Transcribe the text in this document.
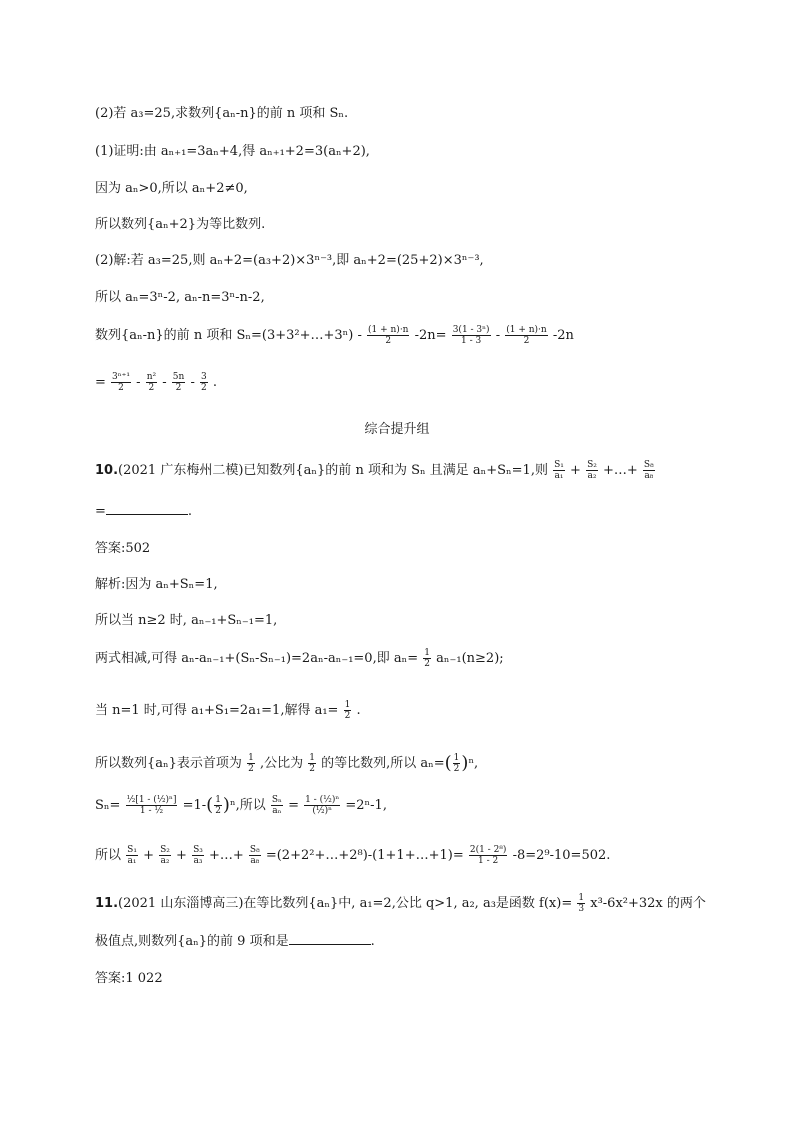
(2)若 a₃=25,求数列{aₙ-n}的前 n 项和 Sₙ.
(1)证明:由 aₙ₊₁=3aₙ+4,得 aₙ₊₁+2=3(aₙ+2),
因为 aₙ>0,所以 aₙ+2≠0,
所以数列{aₙ+2}为等比数列.
(2)解:若 a₃=25,则 aₙ+2=(a₃+2)×3ⁿ⁻³,即 aₙ+2=(25+2)×3ⁿ⁻³,
所以 aₙ=3ⁿ-2, aₙ-n=3ⁿ-n-2,
数列{aₙ-n}的前 n 项和 Sₙ=(3+3²+…+3ⁿ) - $\frac{(1 + n)\cdot n}{2} -2n= \frac{\text{3(1 - 3ⁿ)}}{1 - 3} - \frac{(1 + n)\cdot n}{2} -2n$
= $\frac{\text{3ⁿ⁺¹}}{2} - \frac{\text{n²}}{2} - \frac{5n}{2} - \frac{3}{2}$ .
综合提升组
10.(2021 广东梅州二模)已知数列{aₙ}的前 n 项和为 Sₙ 且满足 aₙ+Sₙ=1,则 $\frac{\text{S₁}}{\text{a₁}} + \frac{\text{S₂}}{\text{a₂}}$ +…+ $\frac{\text{S₈}}{\text{a₈}}$
=	.
答案:502
解析:因为 aₙ+Sₙ=1,
所以当 n≥2 时, aₙ₋₁+Sₙ₋₁=1,
两式相减,可得 aₙ-aₙ₋₁+(Sₙ-Sₙ₋₁)=2aₙ-aₙ₋₁=0,即 $a_n= \frac{1}{2} a_{n-1}(n\ge 2)$;
当 n=1 时,可得 a₁+S₁=2a₁=1,解得 $a_1= \frac{1}{2}$ .
所以数列{aₙ}表示首项为 $\frac{1}{2}$ ,公比为 $\frac{1}{2}$ 的等比数列,所以 $a_n=( \frac{1}{2} )^n$,
$S_n= \frac{\text{½[1 - (½)ⁿ]}}{\text{1 - ½}} =1-( \frac{1}{2} )^n$,所以 $\frac{\text{Sₙ}}{\text{aₙ}} = \frac{\text{1 - (½)ⁿ}}{\text{(½)ⁿ}} =2^n-1$,
所以 $\frac{\text{S₁}}{\text{a₁}} + \frac{\text{S₂}}{\text{a₂}} + \frac{\text{S₃}}{\text{a₃}}$ +…+ $\frac{\text{S₈}}{\text{a₈}}$ =(2+2²+…+2⁸)-(1+1+…+1)= $\frac{\text{2(1 - 2⁸)}}{1 - 2} -8=2^9-10=502$.
11.(2021 山东淄博高三)在等比数列{aₙ}中, a₁=2,公比 q>1, a₂, a₃是函数 $f(x)= \frac{1}{3} x^3-6x^2+32x$ 的两个
极值点,则数列{aₙ}的前 9 项和是	.
答案:1 022
